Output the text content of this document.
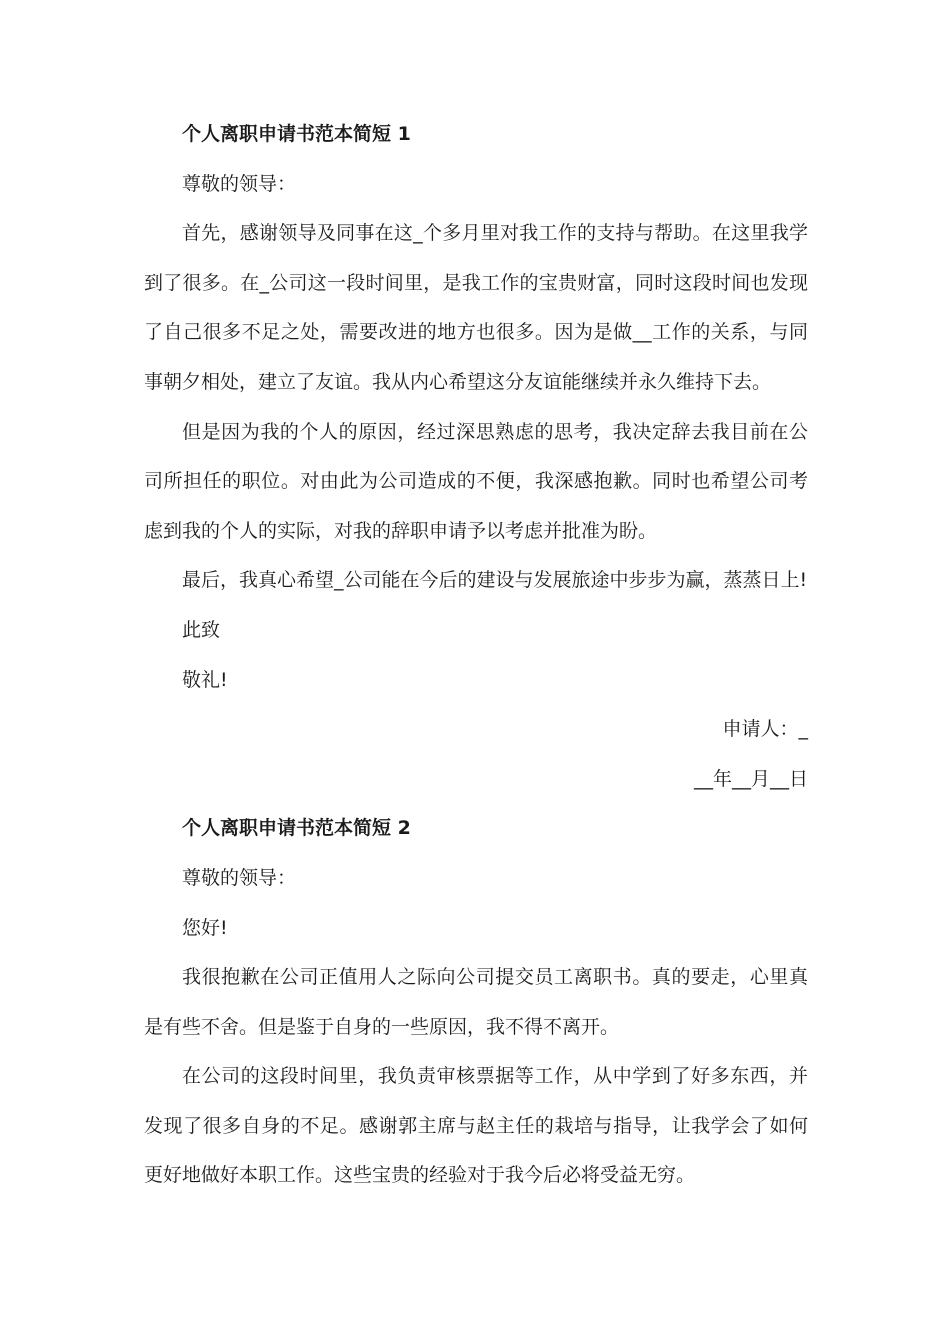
个人离职申请书范本简短 1
尊敬的领导：

首先，感谢领导及同事在这_个多月里对我工作的支持与帮助。在这里我学到了很多。在_公司这一段时间里，是我工作的宝贵财富，同时这段时间也发现了自己很多不足之处，需要改进的地方也很多。因为是做__工作的关系，与同事朝夕相处，建立了友谊。我从内心希望这分友谊能继续并永久维持下去。

但是因为我的个人的原因，经过深思熟虑的思考，我决定辞去我目前在公司所担任的职位。对由此为公司造成的不便，我深感抱歉。同时也希望公司考虑到我的个人的实际，对我的辞职申请予以考虑并批准为盼。

最后，我真心希望_公司能在今后的建设与发展旅途中步步为赢，蒸蒸日上!

此致
敬礼!
申请人：_
__年__月__日
个人离职申请书范本简短 2
尊敬的领导：
您好!

我很抱歉在公司正值用人之际向公司提交员工离职书。真的要走，心里真是有些不舍。但是鉴于自身的一些原因，我不得不离开。

在公司的这段时间里，我负责审核票据等工作，从中学到了好多东西，并发现了很多自身的不足。感谢郭主席与赵主任的栽培与指导，让我学会了如何更好地做好本职工作。这些宝贵的经验对于我今后必将受益无穷。
